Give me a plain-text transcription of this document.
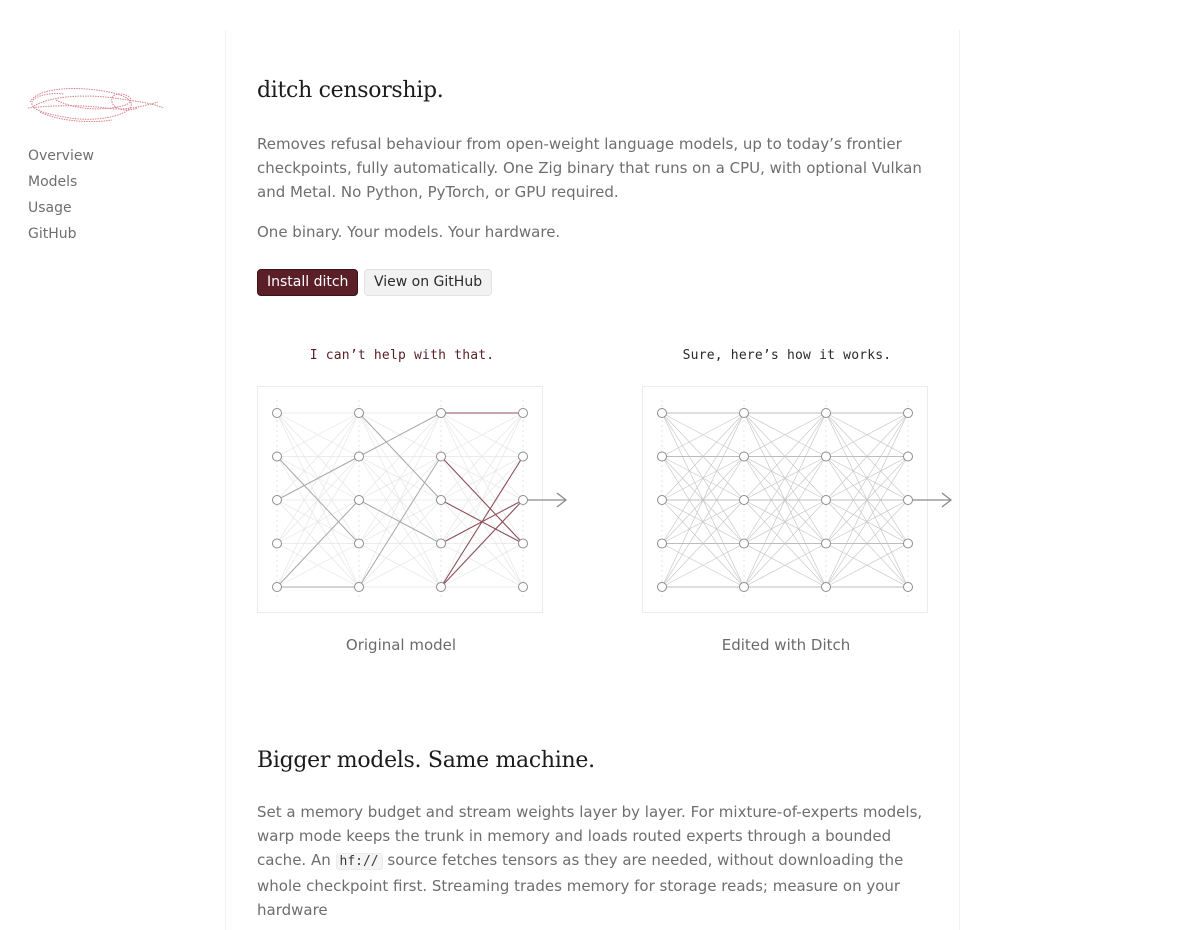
Overview
Models
Usage
GitHub
ditch censorship.

Removes refusal behaviour from open-weight language models, up to today’s frontier checkpoints, fully automatically. One Zig binary that runs on a CPU, with optional Vulkan and Metal. No Python, PyTorch, or GPU required.

One binary. Your models. Your hardware.

Install ditch	View on GitHub
I can’t help with that.
Original model
Sure, here’s how it works.
Edited with Ditch
Bigger models. Same machine.

Set a memory budget and stream weights layer by layer. For mixture-of-experts models, warp mode keeps the trunk in memory and loads routed experts through a bounded cache. An hf:// source fetches tensors as they are needed, without downloading the whole checkpoint first. Streaming trades memory for storage reads; measure on your hardware
